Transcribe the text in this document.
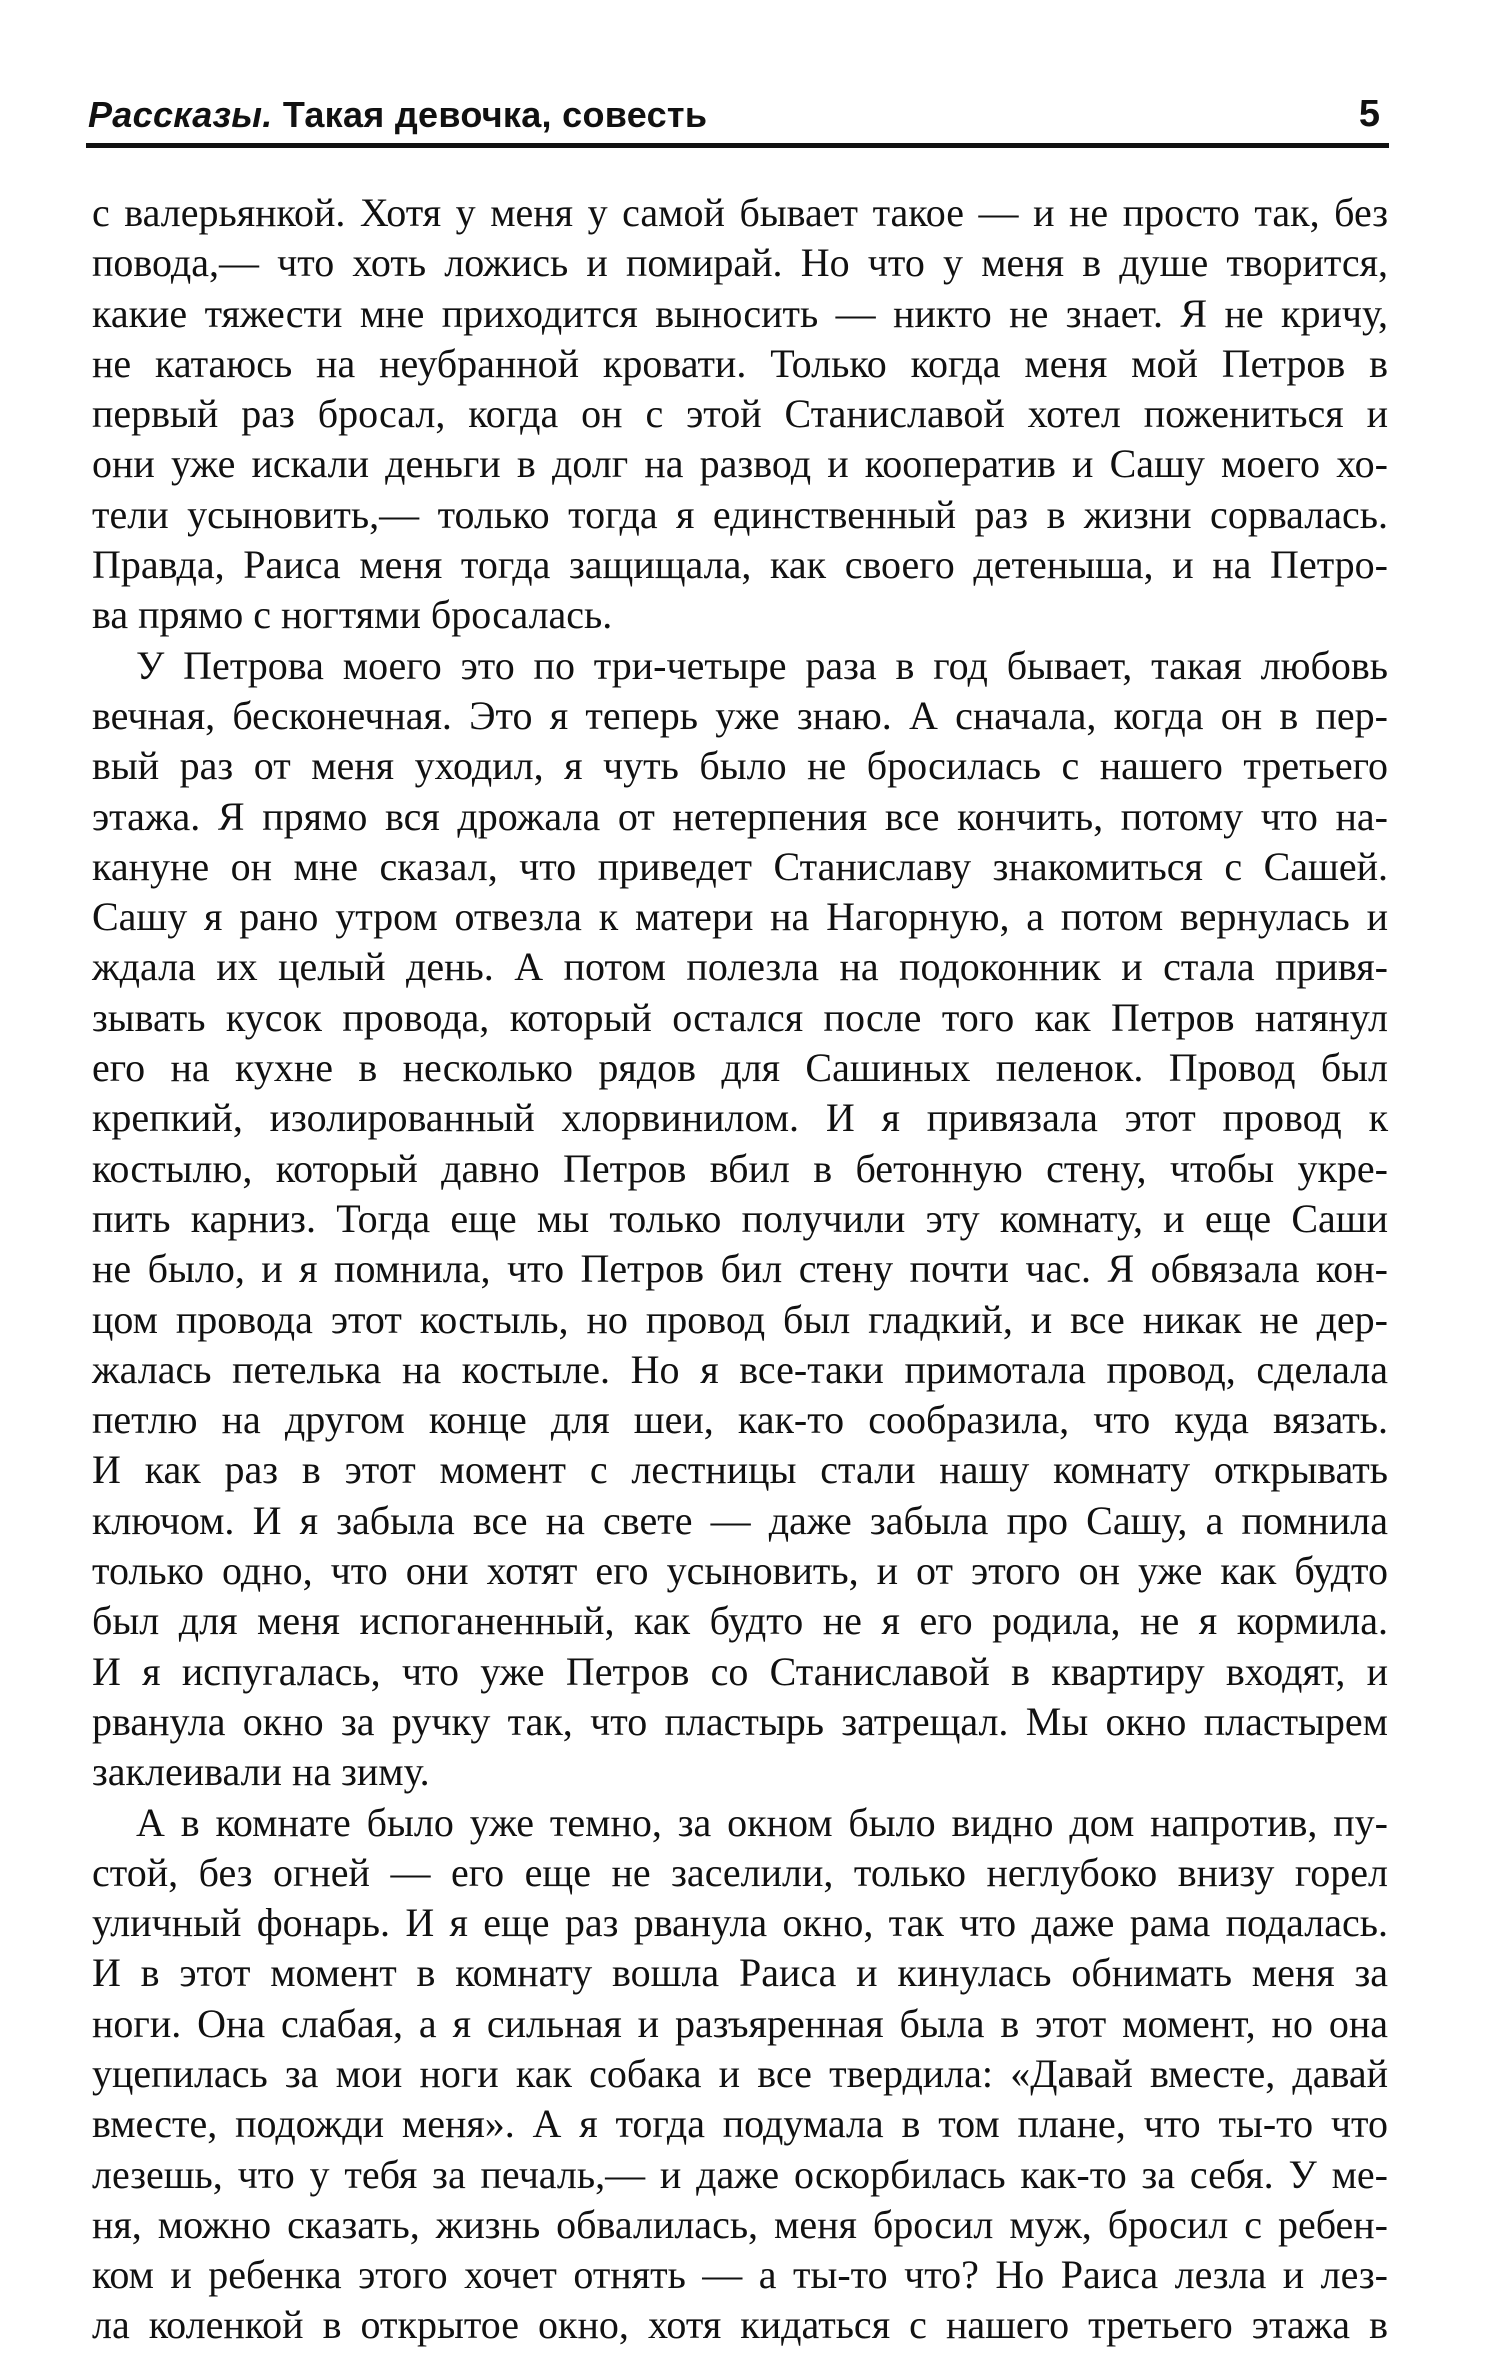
Рассказы. Такая девочка, совесть	5
с валерьянкой. Хотя у меня у самой бывает такое — и не просто так, без
повода,— что хоть ложись и помирай. Но что у меня в душе творится,
какие тяжести мне приходится выносить — никто не знает. Я не кричу,
не катаюсь на неубранной кровати. Только когда меня мой Петров в
первый раз бросал, когда он с этой Станиславой хотел пожениться и
они уже искали деньги в долг на развод и кооператив и Сашу моего хо-
тели усыновить,— только тогда я единственный раз в жизни сорвалась.
Правда, Раиса меня тогда защищала, как своего детеныша, и на Петро-
ва прямо с ногтями бросалась.
У Петрова моего это по три-четыре раза в год бывает, такая любовь
вечная, бесконечная. Это я теперь уже знаю. А сначала, когда он в пер-
вый раз от меня уходил, я чуть было не бросилась с нашего третьего
этажа. Я прямо вся дрожала от нетерпения все кончить, потому что на-
кануне он мне сказал, что приведет Станиславу знакомиться с Сашей.
Сашу я рано утром отвезла к матери на Нагорную, а потом вернулась и
ждала их целый день. А потом полезла на подоконник и стала привя-
зывать кусок провода, который остался после того как Петров натянул
его на кухне в несколько рядов для Сашиных пеленок. Провод был
крепкий, изолированный хлорвинилом. И я привязала этот провод к
костылю, который давно Петров вбил в бетонную стену, чтобы укре-
пить карниз. Тогда еще мы только получили эту комнату, и еще Саши
не было, и я помнила, что Петров бил стену почти час. Я обвязала кон-
цом провода этот костыль, но провод был гладкий, и все никак не дер-
жалась петелька на костыле. Но я все-таки примотала провод, сделала
петлю на другом конце для шеи, как-то сообразила, что куда вязать.
И как раз в этот момент с лестницы стали нашу комнату открывать
ключом. И я забыла все на свете — даже забыла про Сашу, а помнила
только одно, что они хотят его усыновить, и от этого он уже как будто
был для меня испоганенный, как будто не я его родила, не я кормила.
И я испугалась, что уже Петров со Станиславой в квартиру входят, и
рванула окно за ручку так, что пластырь затрещал. Мы окно пластырем
заклеивали на зиму.
А в комнате было уже темно, за окном было видно дом напротив, пу-
стой, без огней — его еще не заселили, только неглубоко внизу горел
уличный фонарь. И я еще раз рванула окно, так что даже рама подалась.
И в этот момент в комнату вошла Раиса и кинулась обнимать меня за
ноги. Она слабая, а я сильная и разъяренная была в этот момент, но она
уцепилась за мои ноги как собака и все твердила: «Давай вместе, давай
вместе, подожди меня». А я тогда подумала в том плане, что ты-то что
лезешь, что у тебя за печаль,— и даже оскорбилась как-то за себя. У ме-
ня, можно сказать, жизнь обвалилась, меня бросил муж, бросил с ребен-
ком и ребенка этого хочет отнять — а ты-то что? Но Раиса лезла и лез-
ла коленкой в открытое окно, хотя кидаться с нашего третьего этажа в
